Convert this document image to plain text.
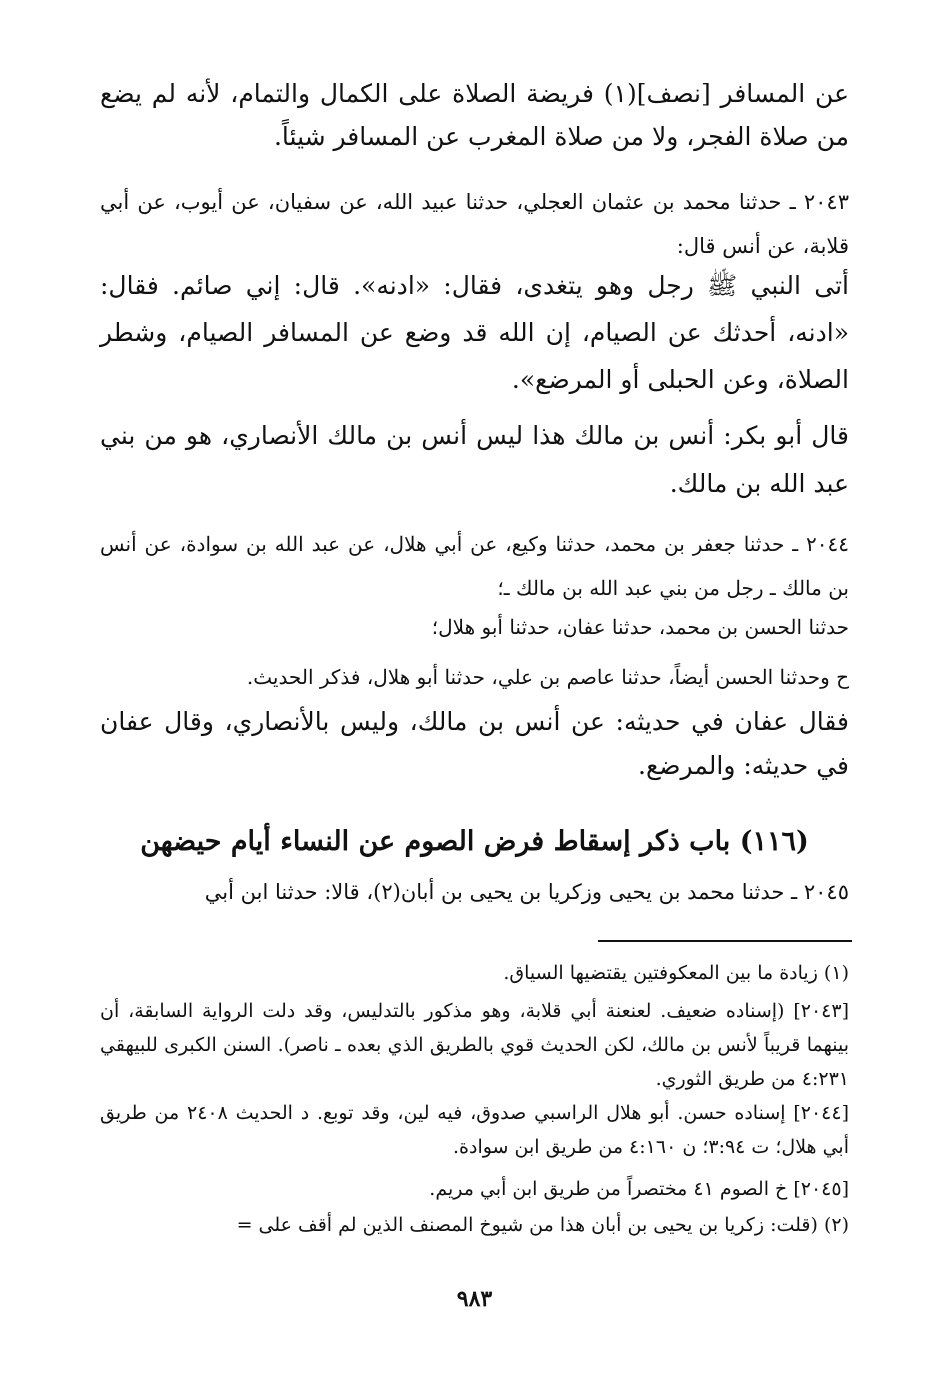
عن المسافر [نصف](١) فريضة الصلاة على الكمال والتمام، لأنه لم يضع من صلاة الفجر، ولا من صلاة المغرب عن المسافر شيئاً.

٢٠٤٣ ـ حدثنا محمد بن عثمان العجلي، حدثنا عبيد الله، عن سفيان، عن أيوب، عن أبي قلابة، عن أنس قال:

أتى النبي ﷺ رجل وهو يتغدى، فقال: «ادنه». قال: إني صائم. فقال: «ادنه، أحدثك عن الصيام، إن الله قد وضع عن المسافر الصيام، وشطر الصلاة، وعن الحبلى أو المرضع».

قال أبو بكر: أنس بن مالك هذا ليس أنس بن مالك الأنصاري، هو من بني عبد الله بن مالك.

٢٠٤٤ ـ حدثنا جعفر بن محمد، حدثنا وكيع، عن أبي هلال، عن عبد الله بن سوادة، عن أنس بن مالك ـ رجل من بني عبد الله بن مالك ـ؛

حدثنا الحسن بن محمد، حدثنا عفان، حدثنا أبو هلال؛

ح وحدثنا الحسن أيضاً، حدثنا عاصم بن علي، حدثنا أبو هلال، فذكر الحديث.

فقال عفان في حديثه: عن أنس بن مالك، وليس بالأنصاري، وقال عفان في حديثه: والمرضع.

(١١٦) باب ذكر إسقاط فرض الصوم عن النساء أيام حيضهن

٢٠٤٥ ـ حدثنا محمد بن يحيى وزكريا بن يحيى بن أبان(٢)، قالا: حدثنا ابن أبي

(١) زيادة ما بين المعكوفتين يقتضيها السياق.

[٢٠٤٣] (إسناده ضعيف. لعنعنة أبي قلابة، وهو مذكور بالتدليس، وقد دلت الرواية السابقة، أن بينهما قريباً لأنس بن مالك، لكن الحديث قوي بالطريق الذي بعده ـ ناصر). السنن الكبرى للبيهقي ٤:٢٣١ من طريق الثوري.

[٢٠٤٤] إسناده حسن. أبو هلال الراسبي صدوق، فيه لين، وقد توبع. د الحديث ٢٤٠٨ من طريق أبي هلال؛ ت ٣:٩٤؛ ن ٤:١٦٠ من طريق ابن سوادة.

[٢٠٤٥] خ الصوم ٤١ مختصراً من طريق ابن أبي مريم.

(٢) (قلت: زكريا بن يحيى بن أبان هذا من شيوخ المصنف الذين لم أقف على =

٩٨٣
